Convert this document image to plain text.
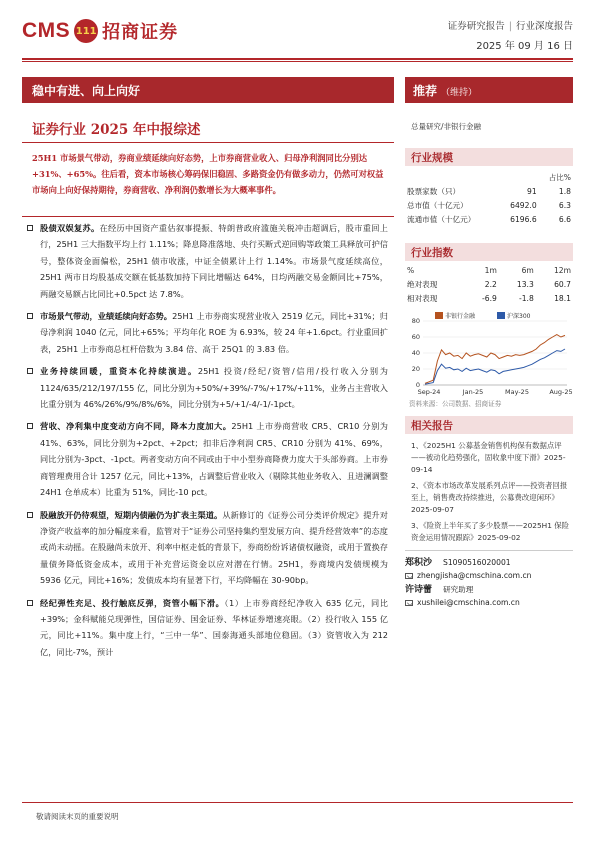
CMS 111 招商证券	证券研究报告 | 行业深度报告
2025 年 09 月 16 日
稳中有进、向上向好
证券行业 2025 年中报综述
25H1 市场景气带动，券商业绩延续向好态势，上市券商营业收入、归母净利润同比分别达+31%、+65%。往后看，资本市场核心筹码保旧稳固、多路资金仍有做多动力，仍然可对权益市场向上向好保持期待，券商营收、净利润仍数增长为大概率事件。
股债双娱复苏。在经历中国资产重估叙事提振、特朗普政府滥施关税冲击超调后，股市重回上行，25H1 三大指数平均上行 1.11%；降息降准落地、央行买断式逆回购等政策工具释放可护信号，整体资金面偏松，25H1 债市收涨，中证全债累计上行 1.14%。市场景气度延续高位，25H1 两市日均股基成交额在低基数加持下同比增幅达 64%，日均两融交易金额同比+75%，两融交易额占比同比+0.5pct 达 7.8%。
市场景气带动，业绩延续向好态势。25H1 上市券商实现营业收入 2519 亿元，同比+31%；归母净利润 1040 亿元，同比+65%；平均年化 ROE 为 6.93%，较 24 年+1.6pct。行业重回扩表，25H1 上市券商总杠杆倍数为 3.84 倍、高于 25Q1 的 3.83 倍。
业务持续回暖，重资本化持续演进。25H1 投资/经纪/资管/信用/投行收入分别为 1124/635/212/197/155 亿，同比分别为+50%/+39%/-7%/+17%/+11%，业务占主营收入比重分别为 46%/26%/9%/8%/6%，同比分别为+5/+1/-4/-1/-1pct。
营收、净利集中度变动方向不同，降本力度加大。25H1 上市券商营收 CR5、CR10 分别为 41%、63%，同比分别为+2pct、+2pct；扣非后净利润 CR5、CR10 分别为 41%、69%，同比分别为-3pct、-1pct。两者变动方向不同或由于中小型券商降费力度大于头部券商。上市券商管理费用合计 1257 亿元，同比+13%，占调整后营业收入（剔除其他业务收入、且进澜调整 24H1 仓单成本）比重为 51%，同比-10 pct。
股融放开仍待观望，短期内债融仍为扩表主渠道。从新修订的《证券公司分类评价规定》提升对净资产收益率的加分幅度来看，监管对于“证券公司坚持集约型发展方向、提升经营效率”的态度或尚未动摇。在股融尚未放开、利率中枢走低的背景下，券商纷纷诉诸债权融资，或用于置换存量债务降低资金成本，或用于补充营运资金以应对潜在行情。25H1，券商境内发债规模为 5936 亿元，同比+16%；发债成本均有显著下行，平均降幅在 30-90bp。
经纪弹性充足、投行触底反弹，资管小幅下滑。（1）上市券商经纪净收入 635 亿元，同比+39%；金科赋能兑现弹性，国信证券、国金证券、华林证券增速亮眼。（2）投行收入 155 亿元，同比+11%。集中度上行，“三中一华”、国泰海通头部地位稳固。（3）资管收入为 212 亿，同比-7%，预计
推荐 （维持）
总量研究/非银行金融
行业规模
		占比%
股票家数（只）	91	1.8
总市值（十亿元）	6492.0	6.3
流通市值（十亿元）	6196.6	6.6
行业指数
%	1m	6m	12m
绝对表现	2.2	13.3	60.7
相对表现	-6.9	-1.8	18.1
非银行金融	沪深300
0
20
40
60
80
Sep-24	Jan-25	May-25	Aug-25
资料来源：公司数据、招商证券
相关报告
1、《2025H1 公募基金销售机构保有数据点评——被动化趋势强化，固收象中度下滑》2025-09-14
2、《资本市场改革发展系列点评——投资者回报至上，销售费改持续推进，公募费改迎闲环》2025-09-07
3、《险资上半年买了多少股票——2025H1 保险资金运用情况跟踪》2025-09-02
郑积沙 S1090516020001
zhengjisha@cmschina.com.cn
许诗蕾 研究助理
xushilei@cmschina.com.cn
敬请阅读末页的重要说明
